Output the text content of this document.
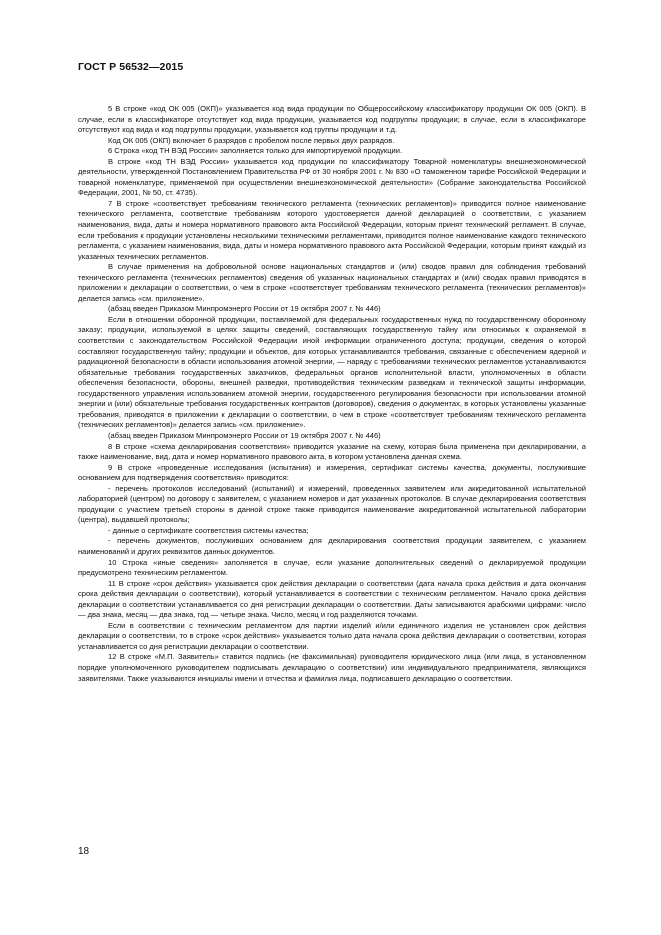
ГОСТ Р 56532—2015

5 В строке «код ОК 005 (ОКП)» указывается код вида продукции по Общероссийскому классификатору продукции ОК 005 (ОКП). В случае, если в классификаторе отсутствует код вида продукции, указывается код подгруппы продукции; в случае, если в классификаторе отсутствуют код вида и код подгруппы продукции, указывается код группы продукции и т.д.

Код ОК 005 (ОКП) включает 6 разрядов с пробелом после первых двух разрядов.

6 Строка «код ТН ВЭД России» заполняется только для импортируемой продукции.

В строке «код ТН ВЭД России» указывается код продукции по классификатору Товарной номенклатуры внешнеэкономической деятельности, утвержденной Постановлением Правительства РФ от 30 ноября 2001 г. № 830 «О таможенном тарифе Российской Федерации и товарной номенклатуре, применяемой при осуществлении внешнеэкономической деятельности» (Собрание законодательства Российской Федерации, 2001, № 50, ст. 4735).

7 В строке «соответствует требованиям технического регламента (технических регламентов)» приводится полное наименование технического регламента, соответствие требованиям которого удостоверяется данной декларацией о соответствии, с указанием наименования, вида, даты и номера нормативного правового акта Российской Федерации, которым принят технический регламент. В случае, если требования к продукции установлены несколькими техническими регламентами, приводится полное наименование каждого технического регламента, с указанием наименования, вида, даты и номера нормативного правового акта Российской Федерации, которым принят каждый из указанных технических регламентов.

В случае применения на добровольной основе национальных стандартов и (или) сводов правил для соблюдения требований технического регламента (технических регламентов) сведения об указанных национальных стандартах и (или) сводах правил приводятся в приложении к декларации о соответствии, о чем в строке «соответствует требованиям технического регламента (технических регламентов)» делается запись «см. приложение».

(абзац введен Приказом Минпромэнерго России от 19 октября 2007 г. № 446)

Если в отношении оборонной продукции, поставляемой для федеральных государственных нужд по государственному оборонному заказу; продукции, используемой в целях защиты сведений, составляющих государственную тайну или относимых к охраняемой в соответствии с законодательством Российской Федерации иной информации ограниченного доступа; продукции, сведения о которой составляют государственную тайну; продукции и объектов, для которых устанавливаются требования, связанные с обеспечением ядерной и радиационной безопасности в области использования атомной энергии, — наряду с требованиями технических регламентов устанавливаются обязательные требования государственных заказчиков, федеральных органов исполнительной власти, уполномоченных в области обеспечения безопасности, обороны, внешней разведки, противодействия техническим разведкам и технической защиты информации, государственного управления использованием атомной энергии, государственного регулирования безопасности при использовании атомной энергии и (или) обязательные требования государственных контрактов (договоров), сведения о документах, в которых установлены указанные требования, приводятся в приложении к декларации о соответствии, о чем в строке «соответствует требованиям технического регламента (технических регламентов)» делается запись «см. приложение».

(абзац введен Приказом Минпромэнерго России от 19 октября 2007 г. № 446)

8 В строке «схема декларирования соответствия» приводится указание на схему, которая была применена при декларировании, а также наименование, вид, дата и номер нормативного правового акта, в котором установлена данная схема.

9 В строке «проведенные исследования (испытания) и измерения, сертификат системы качества, документы, послужившие основанием для подтверждения соответствия» приводится:

- перечень протоколов исследований (испытаний) и измерений, проведенных заявителем или аккредитованной испытательной лабораторией (центром) по договору с заявителем, с указанием номеров и дат указанных протоколов. В случае декларирования соответствия продукции с участием третьей стороны в данной строке также приводится наименование аккредитованной испытательной лаборатории (центра), выдавшей протоколы;

- данные о сертификате соответствия системы качества;

- перечень документов, послуживших основанием для декларирования соответствия продукции заявителем, с указанием наименований и других реквизитов данных документов.

10 Строка «иные сведения» заполняется в случае, если указание дополнительных сведений о декларируемой продукции предусмотрено техническим регламентом.

11 В строке «срок действия» указывается срок действия декларации о соответствии (дата начала срока действия и дата окончания срока действия декларации о соответствии), который устанавливается в соответствии с техническим регламентом. Начало срока действия декларации о соответствии устанавливается со дня регистрации декларации о соответствии. Даты записываются арабскими цифрами: число — два знака, месяц — два знака, год — четыре знака. Число, месяц и год разделяются точками.

Если в соответствии с техническим регламентом для партии изделий и/или единичного изделия не установлен срок действия декларации о соответствии, то в строке «срок действия» указывается только дата начала срока действия декларации о соответствии, которая устанавливается со дня регистрации декларации о соответствии.

12 В строке «М.П. Заявитель» ставится подпись (не факсимильная) руководителя юридического лица (или лица, в установленном порядке уполномоченного руководителем подписывать декларацию о соответствии) или индивидуального предпринимателя, являющихся заявителями. Также указываются инициалы имени и отчества и фамилия лица, подписавшего декларацию о соответствии.

18
